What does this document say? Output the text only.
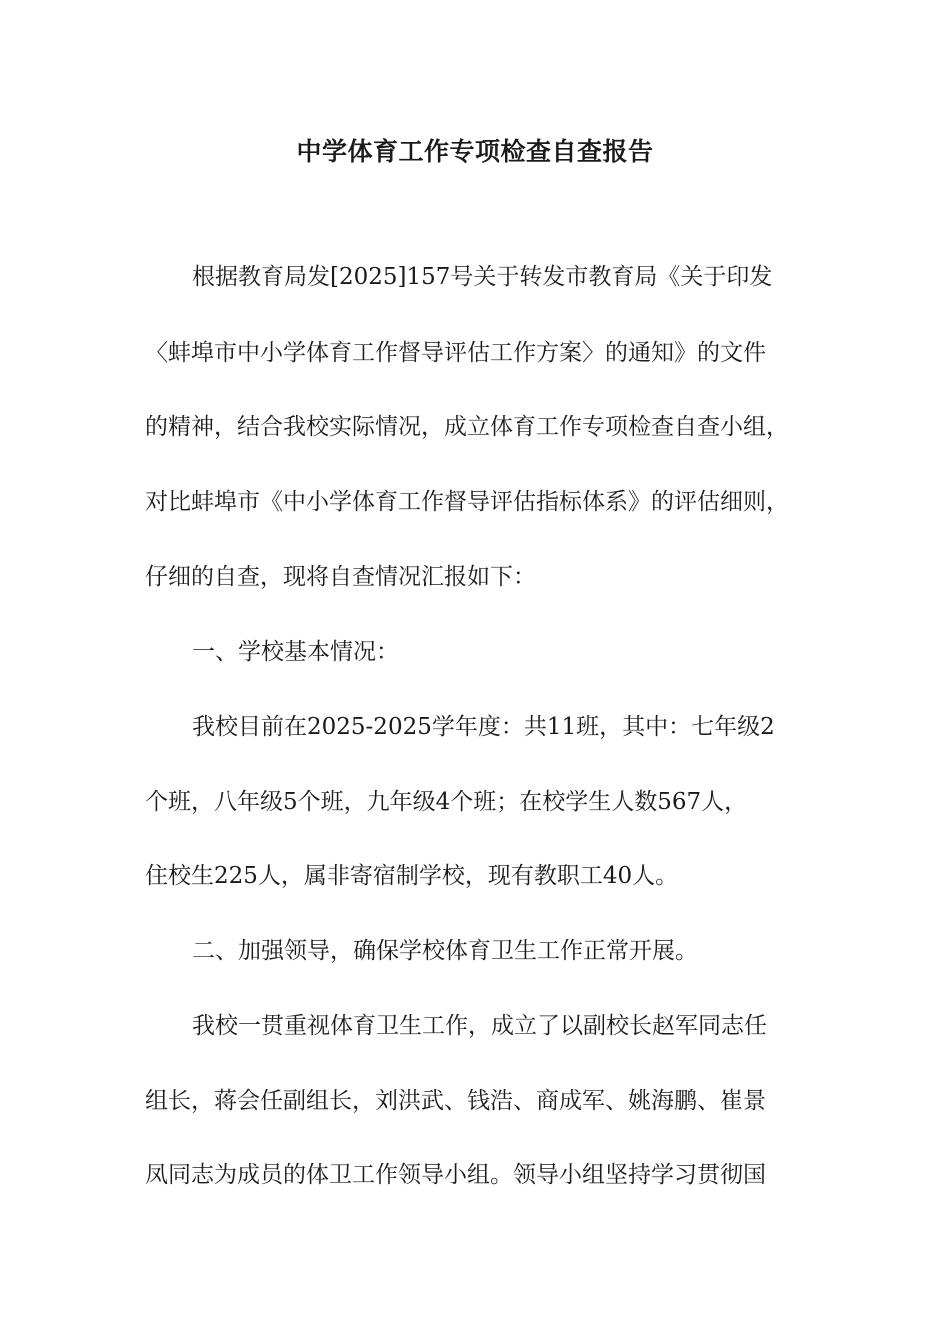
中学体育工作专项检查自查报告

根据教育局发[2025]157号关于转发市教育局《关于印发

〈蚌埠市中小学体育工作督导评估工作方案〉的通知》的文件

的精神，结合我校实际情况，成立体育工作专项检查自查小组，

对比蚌埠市《中小学体育工作督导评估指标体系》的评估细则，

仔细的自查，现将自查情况汇报如下：

一、学校基本情况：

我校目前在2025-2025学年度：共11班，其中：七年级2

个班，八年级5个班，九年级4个班；在校学生人数567人，

住校生225人，属非寄宿制学校，现有教职工40人。

二、加强领导，确保学校体育卫生工作正常开展。

我校一贯重视体育卫生工作，成立了以副校长赵军同志任

组长，蒋会任副组长，刘洪武、钱浩、商成军、姚海鹏、崔景

凤同志为成员的体卫工作领导小组。领导小组坚持学习贯彻国
